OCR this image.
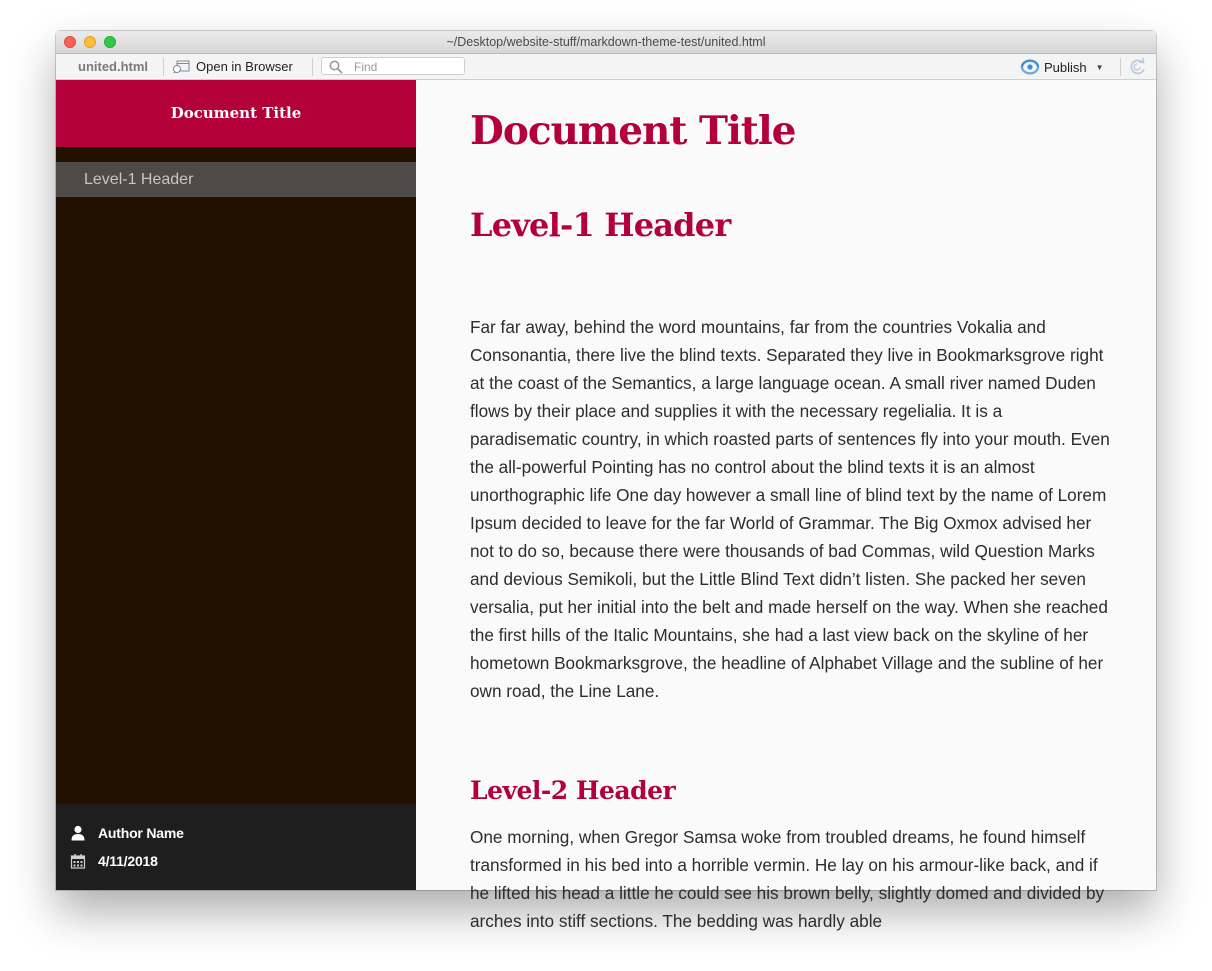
~/Desktop/website-stuff/markdown-theme-test/united.html
united.html	Open in Browser
Find	Publish ▼
Document Title
Level-1 Header
Author Name
4/11/2018
Document Title
Level-1 Header

Far far away, behind the word mountains, far from the countries Vokalia and Consonantia, there live the blind texts. Separated they live in Bookmarksgrove right at the coast of the Semantics, a large language ocean. A small river named Duden flows by their place and supplies it with the necessary regelialia. It is a paradisematic country, in which roasted parts of sentences fly into your mouth. Even the all-powerful Pointing has no control about the blind texts it is an almost unorthographic life One day however a small line of blind text by the name of Lorem Ipsum decided to leave for the far World of Grammar. The Big Oxmox advised her not to do so, because there were thousands of bad Commas, wild Question Marks and devious Semikoli, but the Little Blind Text didn’t listen. She packed her seven versalia, put her initial into the belt and made herself on the way. When she reached the first hills of the Italic Mountains, she had a last view back on the skyline of her hometown Bookmarksgrove, the headline of Alphabet Village and the subline of her own road, the Line Lane.

Level-2 Header

One morning, when Gregor Samsa woke from troubled dreams, he found himself transformed in his bed into a horrible vermin. He lay on his armour-like back, and if he lifted his head a little he could see his brown belly, slightly domed and divided by arches into stiff sections. The bedding was hardly able
